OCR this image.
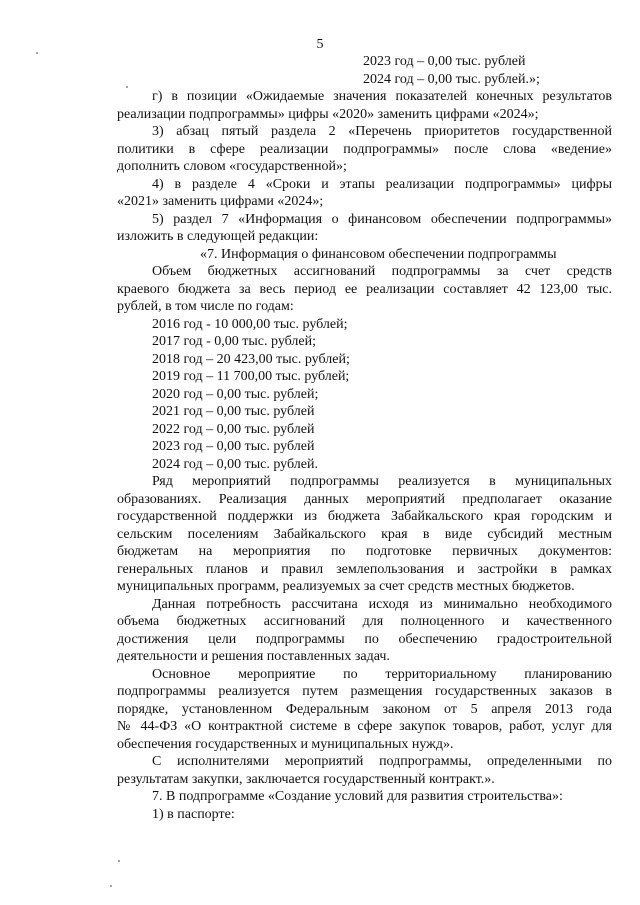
5
2023 год – 0,00 тыс. рублей
2024 год – 0,00 тыс. рублей.»;
г) в позиции «Ожидаемые значения показателей конечных результатов
реализации подпрограммы» цифры «2020» заменить цифрами «2024»;
3) абзац пятый раздела 2 «Перечень приоритетов государственной
политики в сфере реализации подпрограммы» после слова «ведение»
дополнить словом «государственной»;
4) в разделе 4 «Сроки и этапы реализации подпрограммы» цифры
«2021» заменить цифрами «2024»;
5) раздел 7 «Информация о финансовом обеспечении подпрограммы»
изложить в следующей редакции:
«7. Информация о финансовом обеспечении подпрограммы
Объем бюджетных ассигнований подпрограммы за счет средств
краевого бюджета за весь период ее реализации составляет 42 123,00 тыс.
рублей, в том числе по годам:
2016 год - 10 000,00 тыс. рублей;
2017 год - 0,00 тыс. рублей;
2018 год – 20 423,00 тыс. рублей;
2019 год – 11 700,00 тыс. рублей;
2020 год – 0,00 тыс. рублей;
2021 год – 0,00 тыс. рублей
2022 год – 0,00 тыс. рублей
2023 год – 0,00 тыс. рублей
2024 год – 0,00 тыс. рублей.
Ряд мероприятий подпрограммы реализуется в муниципальных
образованиях. Реализация данных мероприятий предполагает оказание
государственной поддержки из бюджета Забайкальского края городским и
сельским поселениям Забайкальского края в виде субсидий местным
бюджетам на мероприятия по подготовке первичных документов:
генеральных планов и правил землепользования и застройки в рамках
муниципальных программ, реализуемых за счет средств местных бюджетов.
Данная потребность рассчитана исходя из минимально необходимого
объема бюджетных ассигнований для полноценного и качественного
достижения цели подпрограммы по обеспечению градостроительной
деятельности и решения поставленных задач.
Основное мероприятие по территориальному планированию
подпрограммы реализуется путем размещения государственных заказов в
порядке, установленном Федеральным законом от 5 апреля 2013 года
№ 44-ФЗ «О контрактной системе в сфере закупок товаров, работ, услуг для
обеспечения государственных и муниципальных нужд».
С исполнителями мероприятий подпрограммы, определенными по
результатам закупки, заключается государственный контракт.».
7. В подпрограмме «Создание условий для развития строительства»:
1) в паспорте:
